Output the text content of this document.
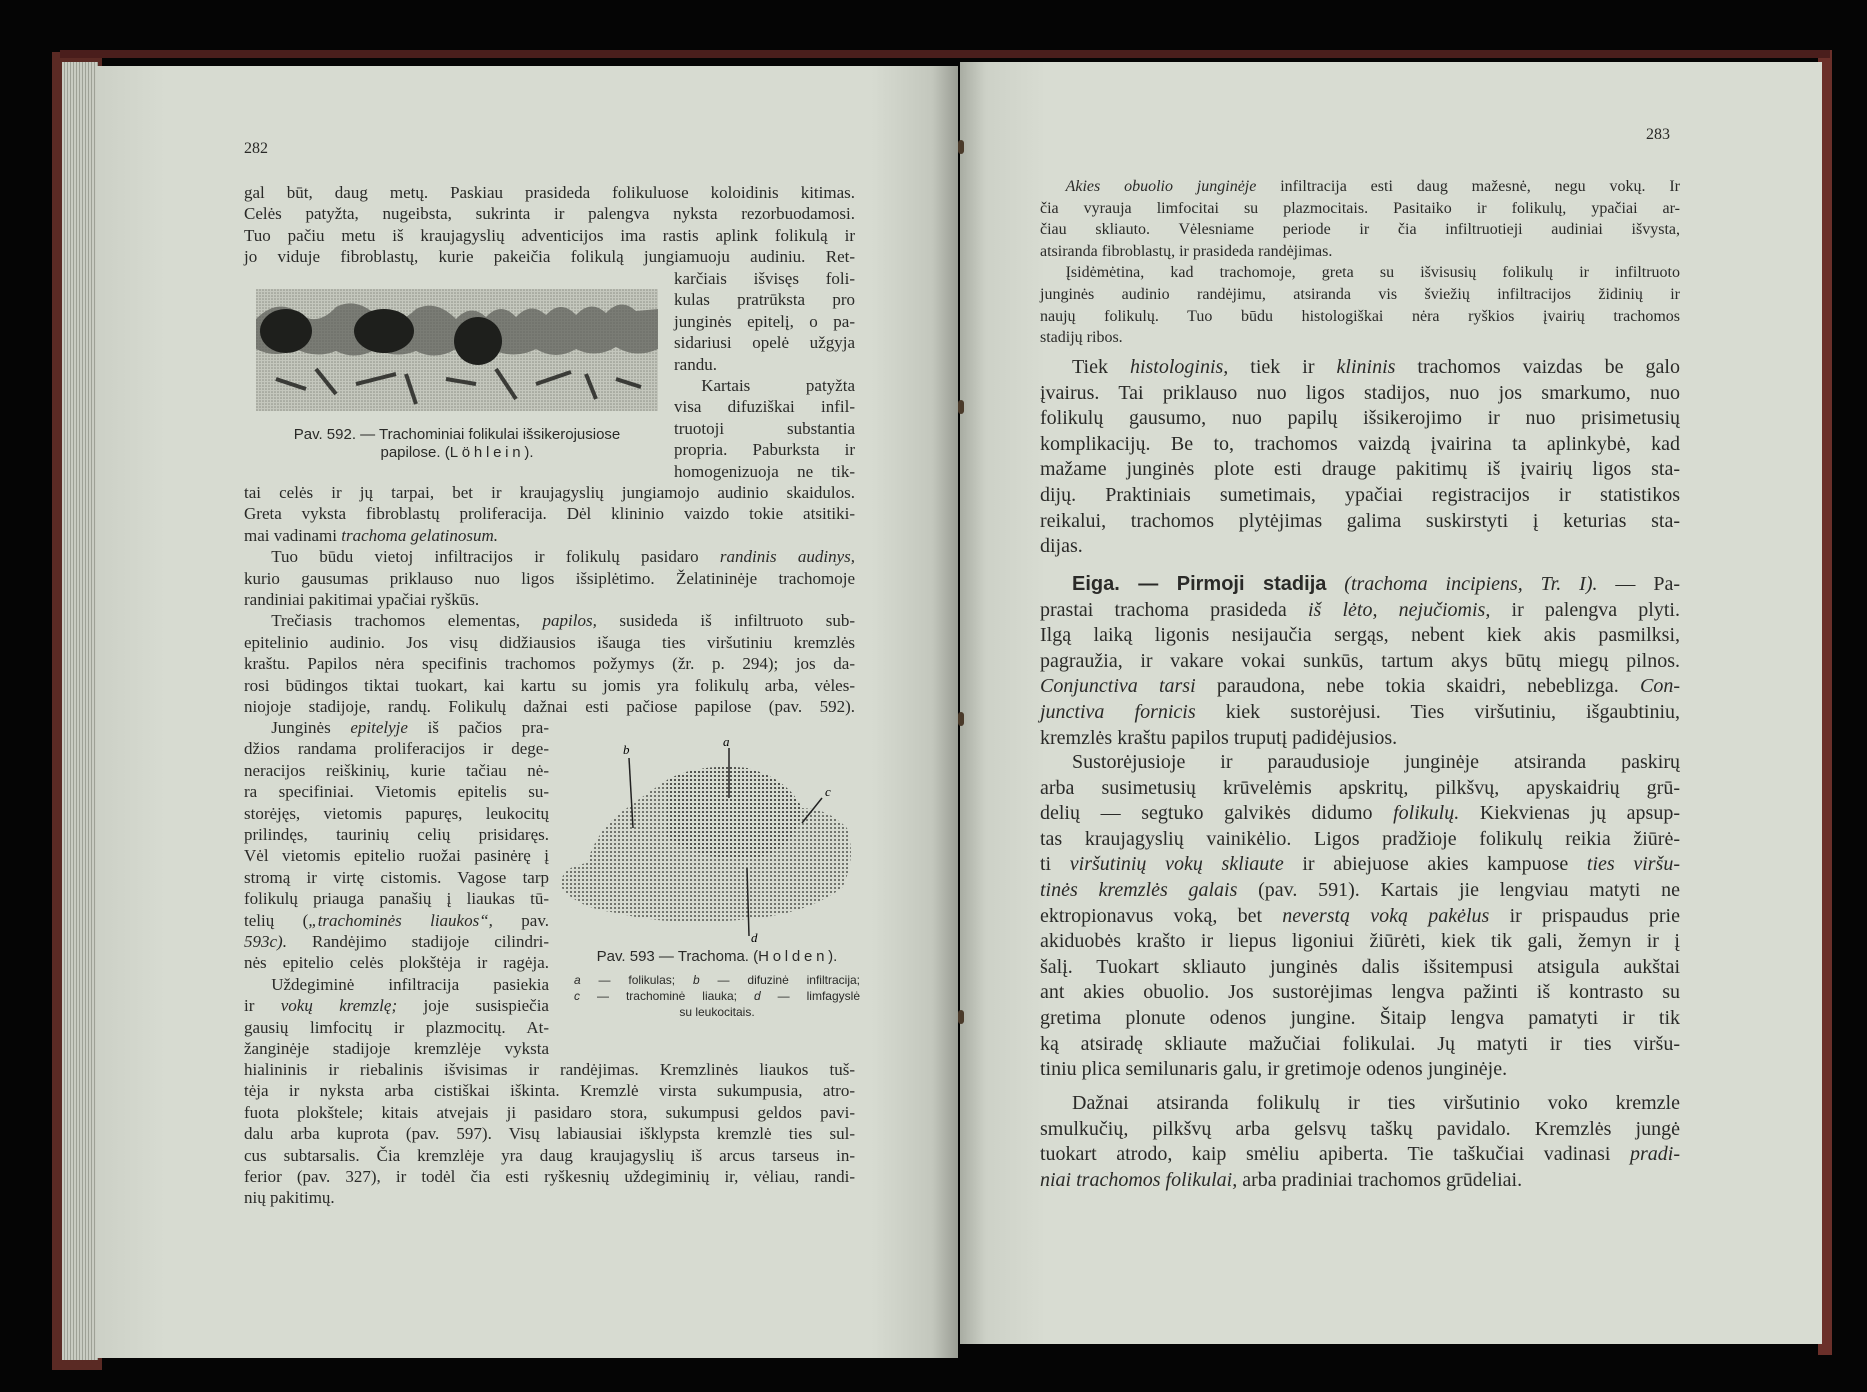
282
283
gal būt, daug metų. Paskiau prasideda folikuluose koloidinis kitimas.
Celės patyžta, nugeibsta, sukrinta ir palengva nyksta rezorbuodamosi.
Tuo pačiu metu iš kraujagyslių adventicijos ima rastis aplink folikulą ir
jo viduje fibroblastų, kurie pakeičia folikulą jungiamuoju audiniu. Ret-
karčiais išvisęs foli-
kulas pratrūksta pro
junginės epitelį, o pa-
sidariusi opelė užgyja
randu.
Kartais patyžta
visa difuziškai infil-
truotoji substantia
propria. Paburksta ir
homogenizuoja ne tik-
tai celės ir jų tarpai, bet ir kraujagyslių jungiamojo audinio skaidulos.
Greta vyksta fibroblastų proliferacija. Dėl klininio vaizdo tokie atsitiki-
mai vadinami trachoma gelatinosum.
Tuo būdu vietoj infiltracijos ir folikulų pasidaro randinis audinys,
kurio gausumas priklauso nuo ligos išsiplėtimo. Želatininėje trachomoje
randiniai pakitimai ypačiai ryškūs.
Trečiasis trachomos elementas, papilos, susideda iš infiltruoto sub-
epitelinio audinio. Jos visų didžiausios išauga ties viršutiniu kremzlės
kraštu. Papilos nėra specifinis trachomos požymys (žr. p. 294); jos da-
rosi būdingos tiktai tuokart, kai kartu su jomis yra folikulų arba, vėles-
niojoje stadijoje, randų. Folikulų dažnai esti pačiose papilose (pav. 592).
Junginės epitelyje iš pačios pra-
džios randama proliferacijos ir dege-
neracijos reiškinių, kurie tačiau nė-
ra specifiniai. Vietomis epitelis su-
storėjęs, vietomis papuręs, leukocitų
prilindęs, taurinių celių prisidaręs.
Vėl vietomis epitelio ruožai pasinėrę į
stromą ir virtę cistomis. Vagose tarp
folikulų priauga panašių į liaukas tū-
telių („trachominės liaukos“, pav.
593c). Randėjimo stadijoje cilindri-
nės epitelio celės plokštėja ir ragėja.
Uždegiminė infiltracija pasiekia
ir vokų kremzlę; joje susispiečia
gausių limfocitų ir plazmocitų. At-
žanginėje stadijoje kremzlėje vyksta
hialininis ir riebalinis išvisimas ir randėjimas. Kremzlinės liaukos tuš-
tėja ir nyksta arba cistiškai iškinta. Kremzlė virsta sukumpusia, atro-
fuota plokštele; kitais atvejais ji pasidaro stora, sukumpusi geldos pavi-
dalu arba kuprota (pav. 597). Visų labiausiai išklypsta kremzlė ties sul-
cus subtarsalis. Čia kremzlėje yra daug kraujagyslių iš arcus tarseus in-
ferior (pav. 327), ir todėl čia esti ryškesnių uždegiminių ir, vėliau, randi-
nių pakitimų.
Pav. 592. — Trachominiai folikulai išsikerojusiose
papilose. (Löhlein).
b
a
c
d
Pav. 593 — Trachoma. (Holden).
a — folikulas; b — difuzinė infiltracija;
c — trachominė liauka; d — limfagyslė
su leukocitais.
Akies obuolio junginėje infiltracija esti daug mažesnė, negu vokų. Ir
čia vyrauja limfocitai su plazmocitais. Pasitaiko ir folikulų, ypačiai ar-
čiau skliauto. Vėlesniame periode ir čia infiltruotieji audiniai išvysta,
atsiranda fibroblastų, ir prasideda randėjimas.
Įsidėmėtina, kad trachomoje, greta su išvisusių folikulų ir infiltruoto
junginės audinio randėjimu, atsiranda vis šviežių infiltracijos židinių ir
naujų folikulų. Tuo būdu histologiškai nėra ryškios įvairių trachomos
stadijų ribos.
Tiek histologinis, tiek ir klininis trachomos vaizdas be galo
įvairus. Tai priklauso nuo ligos stadijos, nuo jos smarkumo, nuo
folikulų gausumo, nuo papilų išsikerojimo ir nuo prisimetusių
komplikacijų. Be to, trachomos vaizdą įvairina ta aplinkybė, kad
mažame junginės plote esti drauge pakitimų iš įvairių ligos sta-
dijų. Praktiniais sumetimais, ypačiai registracijos ir statistikos
reikalui, trachomos plytėjimas galima suskirstyti į keturias sta-
dijas.
Eiga. — Pirmoji stadija (trachoma incipiens, Tr. I). — Pa-
prastai trachoma prasideda iš lėto, nejučiomis, ir palengva plyti.
Ilgą laiką ligonis nesijaučia sergąs, nebent kiek akis pasmilksi,
pagraužia, ir vakare vokai sunkūs, tartum akys būtų miegų pilnos.
Conjunctiva tarsi paraudona, nebe tokia skaidri, nebeblizga. Con-
junctiva fornicis kiek sustorėjusi. Ties viršutiniu, išgaubtiniu,
kremzlės kraštu papilos truputį padidėjusios.
Sustorėjusioje ir paraudusioje junginėje atsiranda paskirų
arba susimetusių krūvelėmis apskritų, pilkšvų, apyskaidrių grū-
delių — segtuko galvikės didumo folikulų. Kiekvienas jų apsup-
tas kraujagyslių vainikėlio. Ligos pradžioje folikulų reikia žiūrė-
ti viršutinių vokų skliaute ir abiejuose akies kampuose ties viršu-
tinės kremzlės galais (pav. 591). Kartais jie lengviau matyti ne
ektropionavus voką, bet neverstą voką pakėlus ir prispaudus prie
akiduobės krašto ir liepus ligoniui žiūrėti, kiek tik gali, žemyn ir į
šalį. Tuokart skliauto junginės dalis išsitempusi atsigula aukštai
ant akies obuolio. Jos sustorėjimas lengva pažinti iš kontrasto su
gretima plonute odenos jungine. Šitaip lengva pamatyti ir tik
ką atsiradę skliaute mažučiai folikulai. Jų matyti ir ties viršu-
tiniu plica semilunaris galu, ir gretimoje odenos junginėje.
Dažnai atsiranda folikulų ir ties viršutinio voko kremzle
smulkučių, pilkšvų arba gelsvų taškų pavidalo. Kremzlės jungė
tuokart atrodo, kaip smėliu apiberta. Tie taškučiai vadinasi pradi-
niai trachomos folikulai, arba pradiniai trachomos grūdeliai.
